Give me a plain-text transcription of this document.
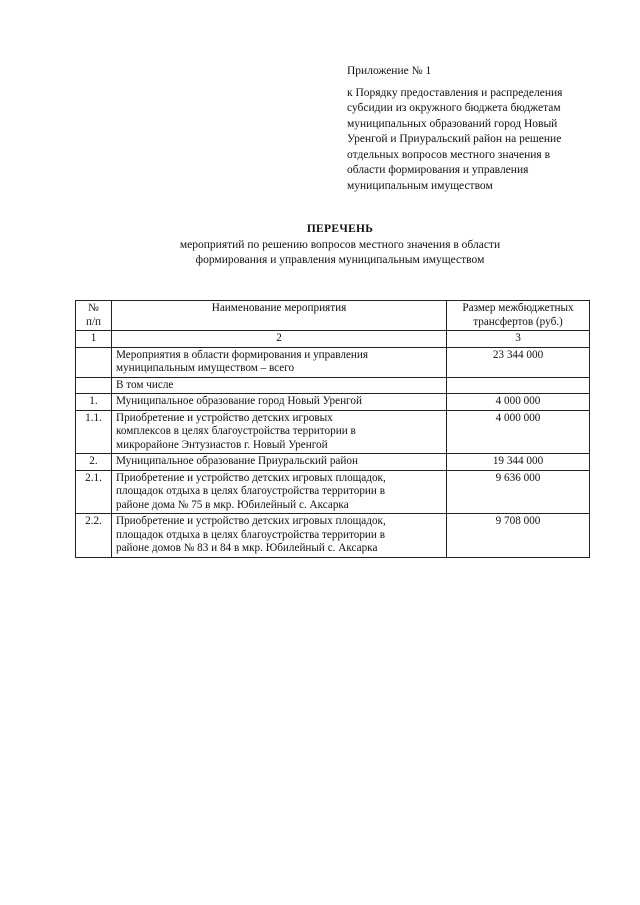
Приложение № 1
к Порядку предоставления и распределения
субсидии из окружного бюджета бюджетам
муниципальных образований город Новый
Уренгой и Приуральский район на решение
отдельных вопросов местного значения в
области формирования и управления
муниципальным имуществом
ПЕРЕЧЕНЬ
мероприятий по решению вопросов местного значения в области
формирования и управления муниципальным имуществом
№
п/п	Наименование мероприятия	Размер межбюджетных
трансфертов (руб.)

1	2	3

	Мероприятия в области формирования и управления
муниципальным имуществом – всего	23 344 000

	В том числе	

1.	Муниципальное образование город Новый Уренгой	4 000 000
1.1.	Приобретение и устройство детских игровых
комплексов в целях благоустройства территории в
микрорайоне Энтузиастов г. Новый Уренгой	4 000 000
2.	Муниципальное образование Приуральский район	19 344 000
2.1.	Приобретение и устройство детских игровых площадок,
площадок отдыха в целях благоустройства территории в
районе дома № 75 в мкр. Юбилейный с. Аксарка	9 636 000
2.2.	Приобретение и устройство детских игровых площадок,
площадок отдыха в целях благоустройства территории в
районе домов № 83 и 84 в мкр. Юбилейный с. Аксарка	9 708 000
